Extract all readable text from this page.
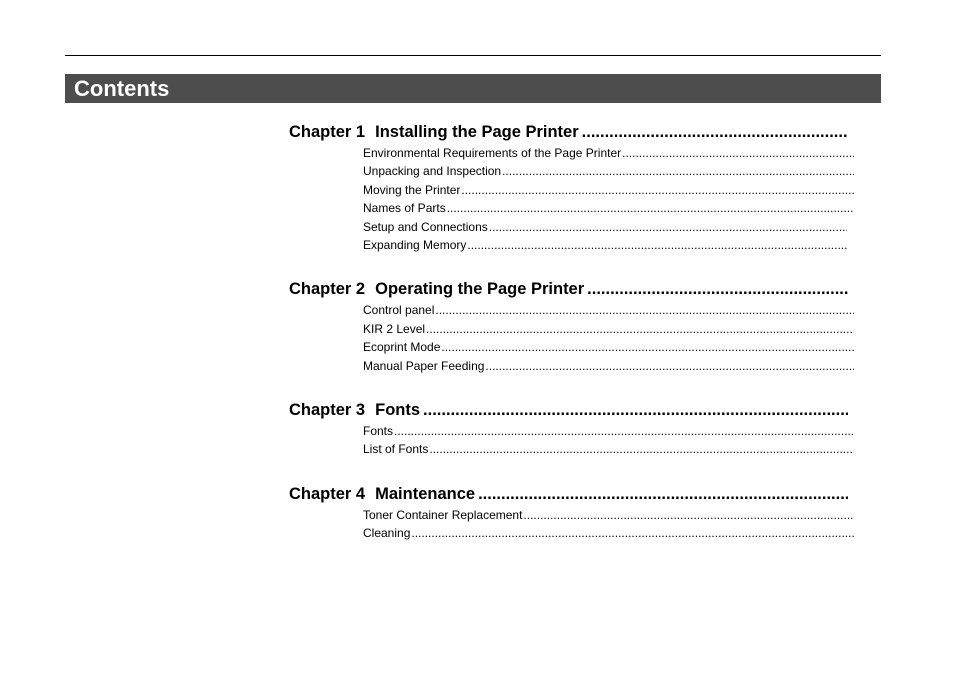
Contents
Chapter 1 Installing the Page Printer
.....
Environmental Requirements of the Page Printer
.....
Unpacking and Inspection
.....
Moving the Printer
.....
Names of Parts
.....
Setup and Connections
.....
Expanding Memory
.....
Chapter 2 Operating the Page Printer
.....
Control panel
.....
KIR 2 Level
.....
Ecoprint Mode
.....
Manual Paper Feeding
.....
Chapter 3 Fonts
.....
Fonts
.....
List of Fonts
.....
Chapter 4 Maintenance
.....
Toner Container Replacement
.....
Cleaning
.....
